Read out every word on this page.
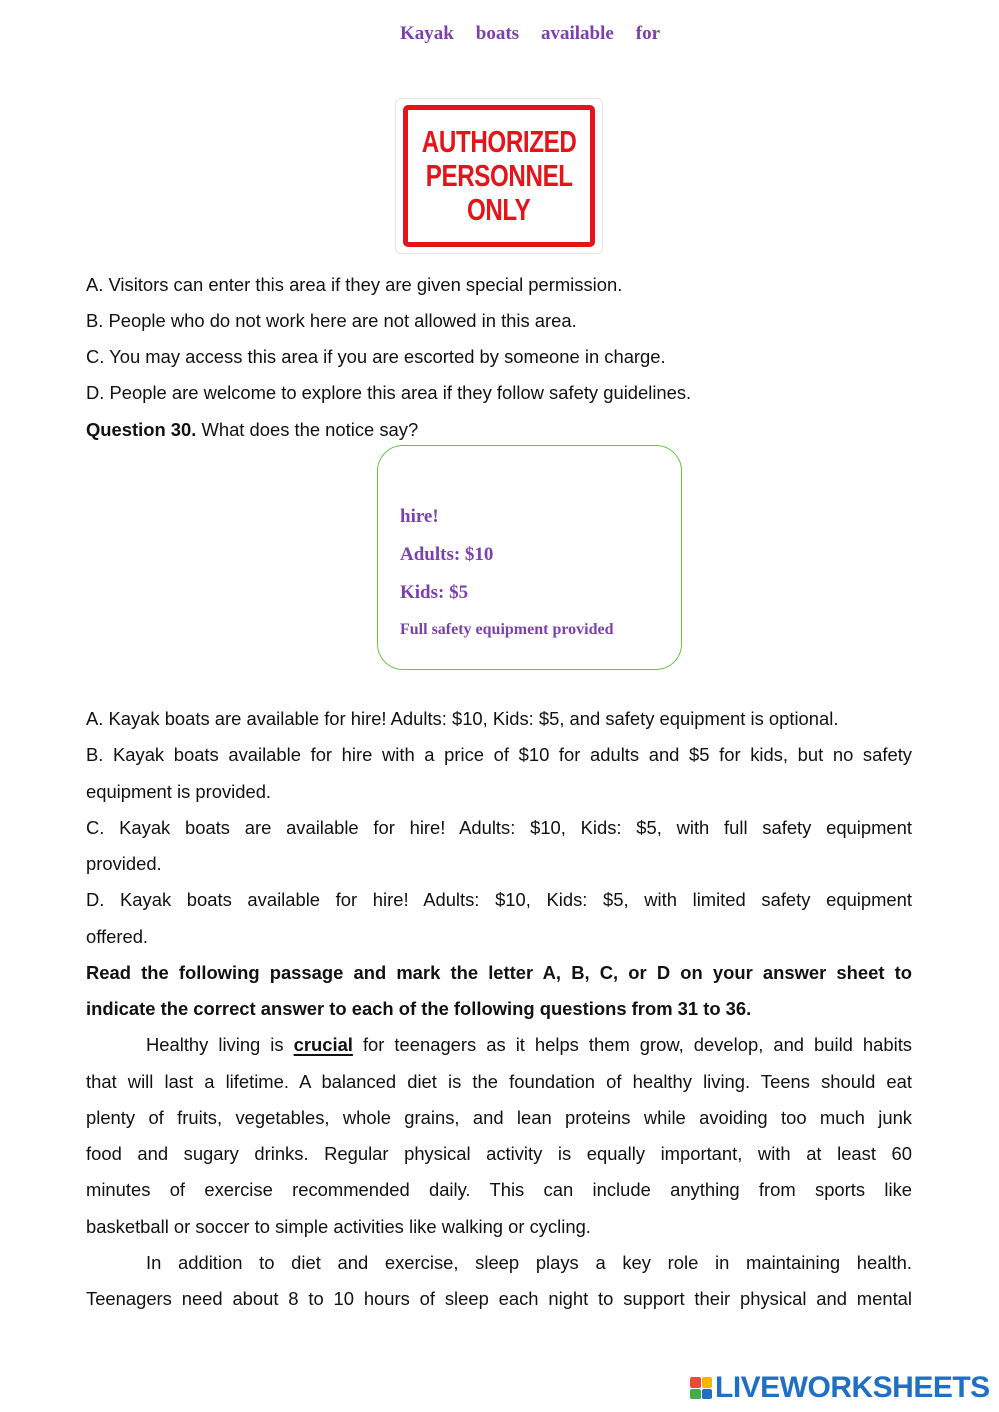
AUTHORIZED
PERSONNEL
ONLY
A. Visitors can enter this area if they are given special permission.
B. People who do not work here are not allowed in this area.
C. You may access this area if you are escorted by someone in charge.
D. People are welcome to explore this area if they follow safety guidelines.
Question 30. What does the notice say?
Kayak boats available for
hire!
Adults: $10
Kids: $5
Full safety equipment provided
A. Kayak boats are available for hire! Adults: $10, Kids: $5, and safety equipment is optional.
B. Kayak boats available for hire with a price of $10 for adults and $5 for kids, but no safety
equipment is provided.
C. Kayak boats are available for hire! Adults: $10, Kids: $5, with full safety equipment
provided.
D. Kayak boats available for hire! Adults: $10, Kids: $5, with limited safety equipment
offered.
Read the following passage and mark the letter A, B, C, or D on your answer sheet to
indicate the correct answer to each of the following questions from 31 to 36.
Healthy living is crucial for teenagers as it helps them grow, develop, and build habits
that will last a lifetime. A balanced diet is the foundation of healthy living. Teens should eat
plenty of fruits, vegetables, whole grains, and lean proteins while avoiding too much junk
food and sugary drinks. Regular physical activity is equally important, with at least 60
minutes of exercise recommended daily. This can include anything from sports like
basketball or soccer to simple activities like walking or cycling.
In addition to diet and exercise, sleep plays a key role in maintaining health.
Teenagers need about 8 to 10 hours of sleep each night to support their physical and mental
LIVEWORKSHEETS
